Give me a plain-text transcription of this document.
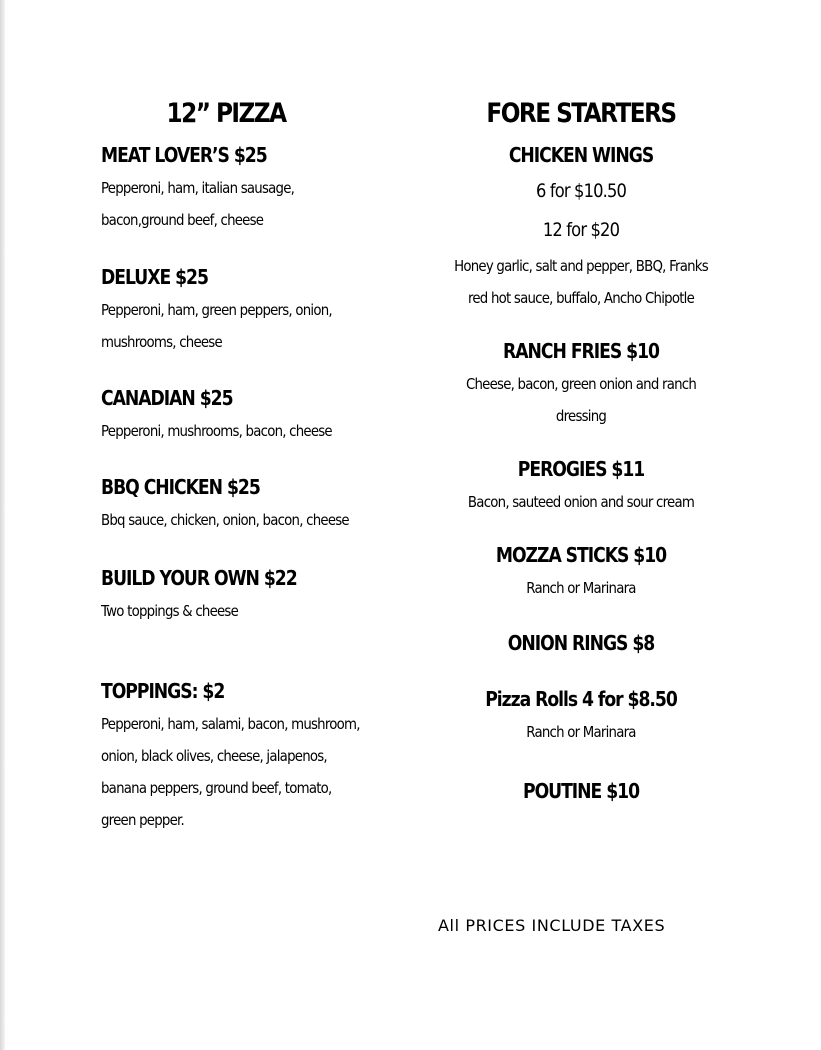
12” PIZZA
MEAT LOVER’S $25
Pepperoni, ham, italian sausage,
bacon,ground beef, cheese
DELUXE $25
Pepperoni, ham, green peppers, onion,
mushrooms, cheese
CANADIAN $25
Pepperoni, mushrooms, bacon, cheese
BBQ CHICKEN $25
Bbq sauce, chicken, onion, bacon, cheese
BUILD YOUR OWN $22
Two toppings & cheese
TOPPINGS: $2
Pepperoni, ham, salami, bacon, mushroom,
onion, black olives, cheese, jalapenos,
banana peppers, ground beef, tomato,
green pepper.
FORE STARTERS
CHICKEN WINGS
6 for $10.50
12 for $20
Honey garlic, salt and pepper, BBQ, Franks
red hot sauce, buffalo, Ancho Chipotle
RANCH FRIES $10
Cheese, bacon, green onion and ranch
dressing
PEROGIES $11
Bacon, sauteed onion and sour cream
MOZZA STICKS $10
Ranch or Marinara
ONION RINGS $8
Pizza Rolls 4 for $8.50
Ranch or Marinara
POUTINE $10
All PRICES INCLUDE TAXES
